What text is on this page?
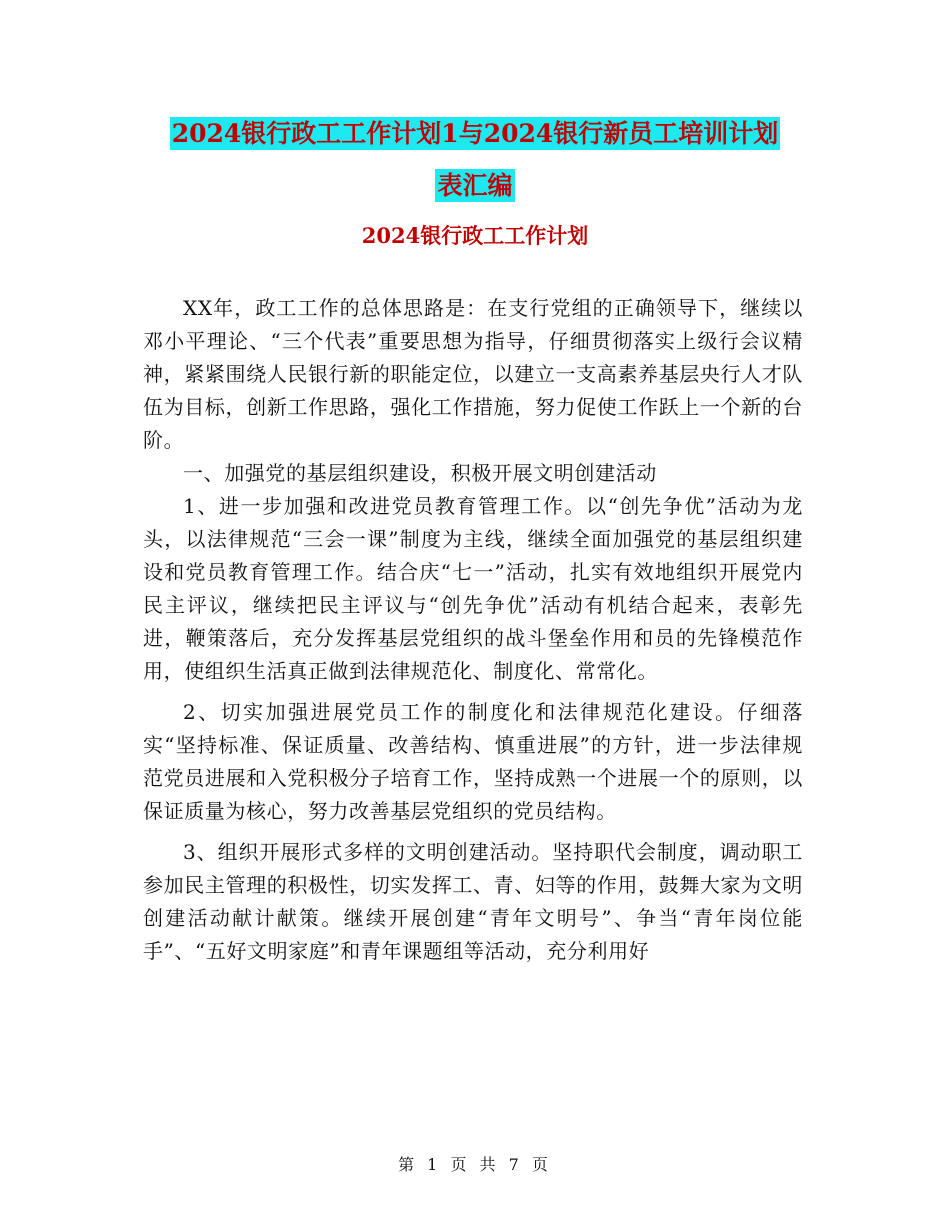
2024银行政工工作计划1与2024银行新员工培训计划
表汇编
2024银行政工工作计划

XX年，政工工作的总体思路是：在支行党组的正确领导下，继续以邓小平理论、“三个代表”重要思想为指导，仔细贯彻落实上级行会议精神，紧紧围绕人民银行新的职能定位，以建立一支高素养基层央行人才队伍为目标，创新工作思路，强化工作措施，努力促使工作跃上一个新的台阶。

一、加强党的基层组织建设，积极开展文明创建活动

1、进一步加强和改进党员教育管理工作。以“创先争优”活动为龙头，以法律规范“三会一课”制度为主线，继续全面加强党的基层组织建设和党员教育管理工作。结合庆“七一”活动，扎实有效地组织开展党内民主评议，继续把民主评议与“创先争优”活动有机结合起来，表彰先进，鞭策落后，充分发挥基层党组织的战斗堡垒作用和员的先锋模范作用，使组织生活真正做到法律规范化、制度化、常常化。

2、切实加强进展党员工作的制度化和法律规范化建设。仔细落实“坚持标准、保证质量、改善结构、慎重进展”的方针，进一步法律规范党员进展和入党积极分子培育工作，坚持成熟一个进展一个的原则，以保证质量为核心，努力改善基层党组织的党员结构。

3、组织开展形式多样的文明创建活动。坚持职代会制度，调动职工参加民主管理的积极性，切实发挥工、青、妇等的作用，鼓舞大家为文明创建活动献计献策。继续开展创建“青年文明号”、争当“青年岗位能手”、“五好文明家庭”和青年课题组等活动，充分利用好

第 1 页 共 7 页
